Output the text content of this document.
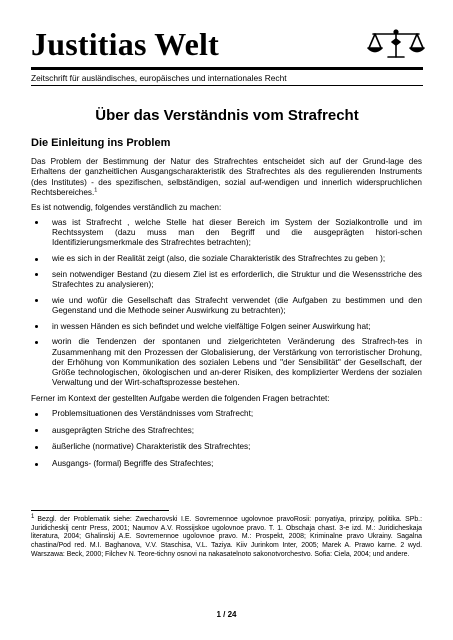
Justitias Welt
Zeitschrift für ausländisches, europäisches und internationales Recht
Über das Verständnis vom Strafrecht
Die Einleitung ins Problem

Das Problem der Bestimmung der Natur des Strafrechtes entscheidet sich auf der Grund-lage des Erhaltens der ganzheitlichen Ausgangscharakteristik des Strafrechtes als des regulierenden Instruments (des Institutes) - des spezifischen, selbständigen, sozial auf-wendigen und innerlich widerspruchlichen Rechtsbereiches.$^1$

Es ist notwendig, folgendes verständlich zu machen:

was ist Strafrecht , welche Stelle hat dieser Bereich im System der Sozialkontrolle und im Rechtssystem (dazu muss man den Begriff und die ausgeprägten histori-schen Identifizierungsmerkmale des Strafrechtes betrachten);
wie es sich in der Realität zeigt (also, die soziale Charakteristik des Strafrechtes zu geben );
sein notwendiger Bestand (zu diesem Ziel ist es erforderlich, die Struktur und die Wesensstriche des Strafechtes zu analysieren);
wie und wofür die Gesellschaft das Strafecht verwendet (die Aufgaben zu bestimmen und den Gegenstand und die Methode seiner Auswirkung zu betrachten);
in wessen Händen es sich befindet und welche vielfältige Folgen seiner Auswirkung hat;
worin die Tendenzen der spontanen und zielgerichteten Veränderung des Strafrech-tes in Zusammenhang mit den Prozessen der Globalisierung, der Verstärkung von terroristischer Drohung, der Erhöhung von Kommunikation des sozialen Lebens und "der Sensibilität" der Gesellschaft, der Größe technologischen, ökologischen und an-derer Risiken, des komplizierter Werdens der sozialen Verwaltung und der Wirt-schaftsprozesse bestehen.

Ferner im Kontext der gestellten Aufgabe werden die folgenden Fragen betrachtet:

Problemsituationen des Verständnisses vom Strafrecht;
ausgeprägten Striche des Strafrechtes;
äußerliche (normative) Charakteristik des Strafrechtes;
Ausgangs- (formal) Begriffe des Strafechtes;
$^1$ Bezgl. der Problematik siehe: Zwecharovski I.E. Sovremennoe ugolovnoe pravoRosii: ponyatiya, prinzipy, politika. SPb.: Juridicheskij centr Press, 2001; Naumov A.V. Rossijskoe ugolovnoe pravo. T. 1. Obschaja chast. 3-e izd. M.: Juridicheskaja literatura, 2004; Ghalinskij A.E. Sovremennoe ugolovnoe pravo. M.: Prospekt, 2008; Kriminalne pravo Ukrainy. Sagalna chastina/Pod red. M.I. Baghanova, V.V. Staschisa, V.L. Taziya. Kiiv Jurinkom Inter, 2005; Marek A. Prawo karne. 2 wyd. Warszawa: Beck, 2000; Filchev N. Teore-tichny osnovi na nakasatelnoto sakonotvorchestvo. Sofia: Ciela, 2004; und andere.
1 / 24
